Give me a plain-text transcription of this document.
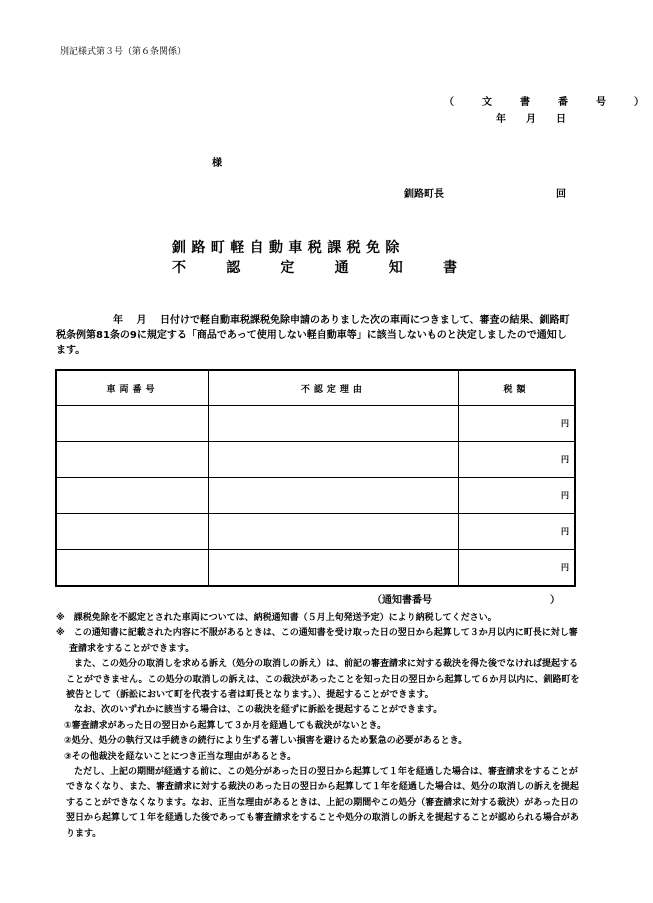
別記様式第３号（第６条関係）
（　文　書　番　号　）
年 月 日
様
釧路町長	回
釧路町軽自動車税課税免除
不	認	定	通	知	書
年　 月　 日付けで軽自動車税課税免除申請のありました次の車両につきまして、審査の結果、釧路町税条例第81条の9に規定する「商品であって使用しない軽自動車等」に該当しないものと決定しましたので通知します。
車両番号	不認定理由	税額
		円
		円
		円
		円
		円
（通知書番号	）

※　課税免除を不認定とされた車両については、納税通知書（５月上旬発送予定）により納税してください。

※　この通知書に記載された内容に不服があるときは、この通知書を受け取った日の翌日から起算して３か月以内に町長に対し審査請求をすることができます。

また、この処分の取消しを求める訴え（処分の取消しの訴え）は、前記の審査請求に対する裁決を得た後でなければ提起することができません。この処分の取消しの訴えは、この裁決があったことを知った日の翌日から起算して６か月以内に、釧路町を被告として（訴訟において町を代表する者は町長となります。）、提起することができます。

なお、次のいずれかに該当する場合は、この裁決を経ずに訴訟を提起することができます。

①審査請求があった日の翌日から起算して３か月を経過しても裁決がないとき。

②処分、処分の執行又は手続きの続行により生ずる著しい損害を避けるため緊急の必要があるとき。

③その他裁決を経ないことにつき正当な理由があるとき。

ただし、上記の期間が経過する前に、この処分があった日の翌日から起算して１年を経過した場合は、審査請求をすることができなくなり、また、審査請求に対する裁決のあった日の翌日から起算して１年を経過した場合は、処分の取消しの訴えを提起することができなくなります。なお、正当な理由があるときは、上記の期間やこの処分（審査請求に対する裁決）があった日の翌日から起算して１年を経過した後であっても審査請求をすることや処分の取消しの訴えを提起することが認められる場合があります。
